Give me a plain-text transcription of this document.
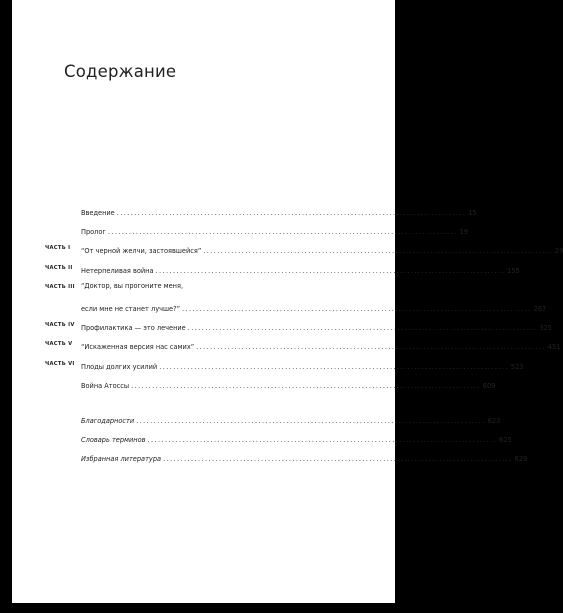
Содержание
Введение .................................................................................................... 15
Пролог .................................................................................................... 19
ЧАСТЬ I “От черной желчи, застоявшейся” .................................................................................................... 29
ЧАСТЬ II Нетерпеливая война .................................................................................................... 155
ЧАСТЬ III “Доктор, вы прогоните меня,
если мне не станет лучше?” .................................................................................................... 267
ЧАСТЬ IV Профилактика — это лечение .................................................................................................... 325
ЧАСТЬ V “Искаженная версия нас самих” .................................................................................................... 451
ЧАСТЬ VI Плоды долгих усилий .................................................................................................... 523
Война Атоссы .................................................................................................... 609
Благодарности .................................................................................................... 623
Словарь терминов .................................................................................................... 625
Избранная литература .................................................................................................... 629
